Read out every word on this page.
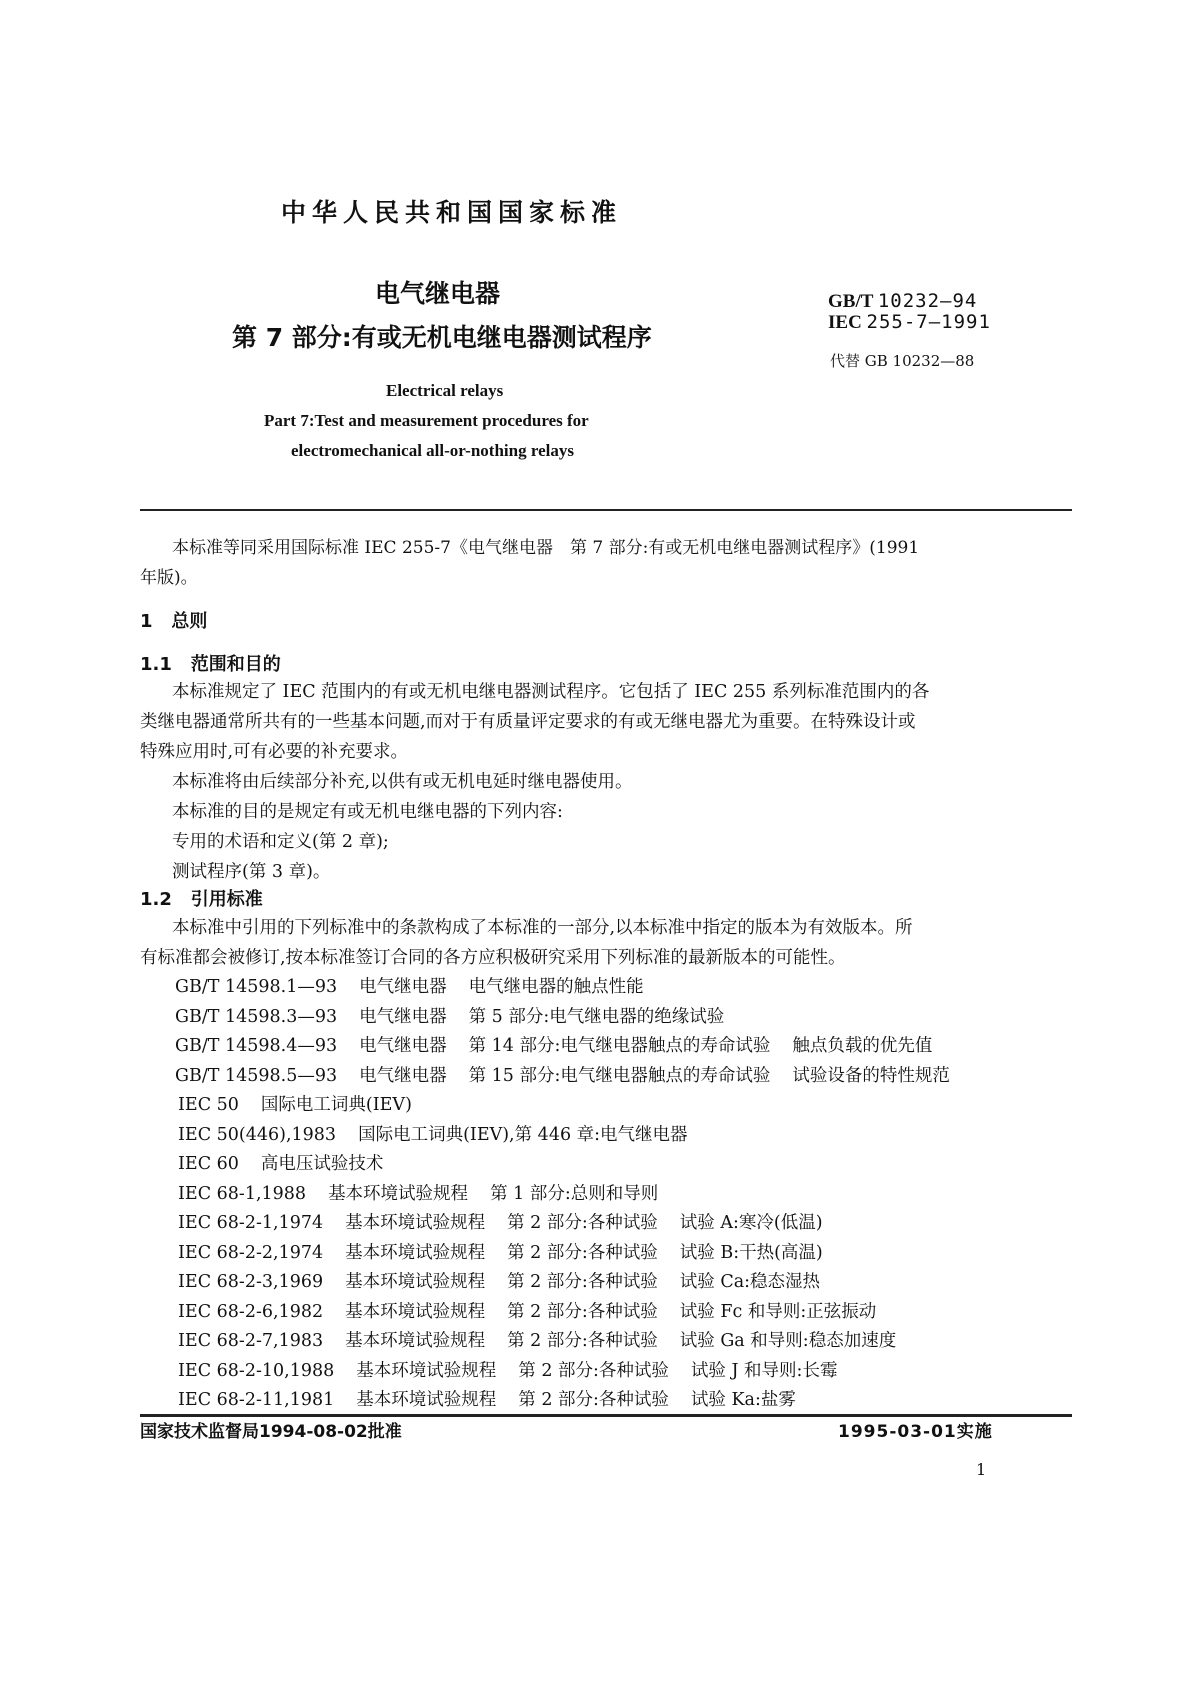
中华人民共和国国家标准
电气继电器
第 7 部分:有或无机电继电器测试程序
GB/T 10232—94
IEC 255-7—1991
代替 GB 10232—88
Electrical relays
Part 7:Test and measurement procedures for
electromechanical all-or-nothing relays
本标准等同采用国际标准 IEC 255-7《电气继电器　第 7 部分:有或无机电继电器测试程序》(1991
年版)。
1 总则
1.1 范围和目的
本标准规定了 IEC 范围内的有或无机电继电器测试程序。它包括了 IEC 255 系列标准范围内的各
类继电器通常所共有的一些基本问题,而对于有质量评定要求的有或无继电器尤为重要。在特殊设计或
特殊应用时,可有必要的补充要求。
本标准将由后续部分补充,以供有或无机电延时继电器使用。
本标准的目的是规定有或无机电继电器的下列内容:
专用的术语和定义(第 2 章);
测试程序(第 3 章)。
1.2 引用标准
本标准中引用的下列标准中的条款构成了本标准的一部分,以本标准中指定的版本为有效版本。所
有标准都会被修订,按本标准签订合同的各方应积极研究采用下列标准的最新版本的可能性。
GB/T 14598.1—93 电气继电器 电气继电器的触点性能
GB/T 14598.3—93 电气继电器 第 5 部分:电气继电器的绝缘试验
GB/T 14598.4—93 电气继电器 第 14 部分:电气继电器触点的寿命试验 触点负载的优先值
GB/T 14598.5—93 电气继电器 第 15 部分:电气继电器触点的寿命试验 试验设备的特性规范
IEC 50 国际电工词典(IEV)
IEC 50(446),1983 国际电工词典(IEV),第 446 章:电气继电器
IEC 60 高电压试验技术
IEC 68-1,1988 基本环境试验规程 第 1 部分:总则和导则
IEC 68-2-1,1974 基本环境试验规程 第 2 部分:各种试验 试验 A:寒冷(低温)
IEC 68-2-2,1974 基本环境试验规程 第 2 部分:各种试验 试验 B:干热(高温)
IEC 68-2-3,1969 基本环境试验规程 第 2 部分:各种试验 试验 Ca:稳态湿热
IEC 68-2-6,1982 基本环境试验规程 第 2 部分:各种试验 试验 Fc 和导则:正弦振动
IEC 68-2-7,1983 基本环境试验规程 第 2 部分:各种试验 试验 Ga 和导则:稳态加速度
IEC 68-2-10,1988 基本环境试验规程 第 2 部分:各种试验 试验 J 和导则:长霉
IEC 68-2-11,1981 基本环境试验规程 第 2 部分:各种试验 试验 Ka:盐雾
国家技术监督局1994-08-02批准	1995-03-01实施
1
